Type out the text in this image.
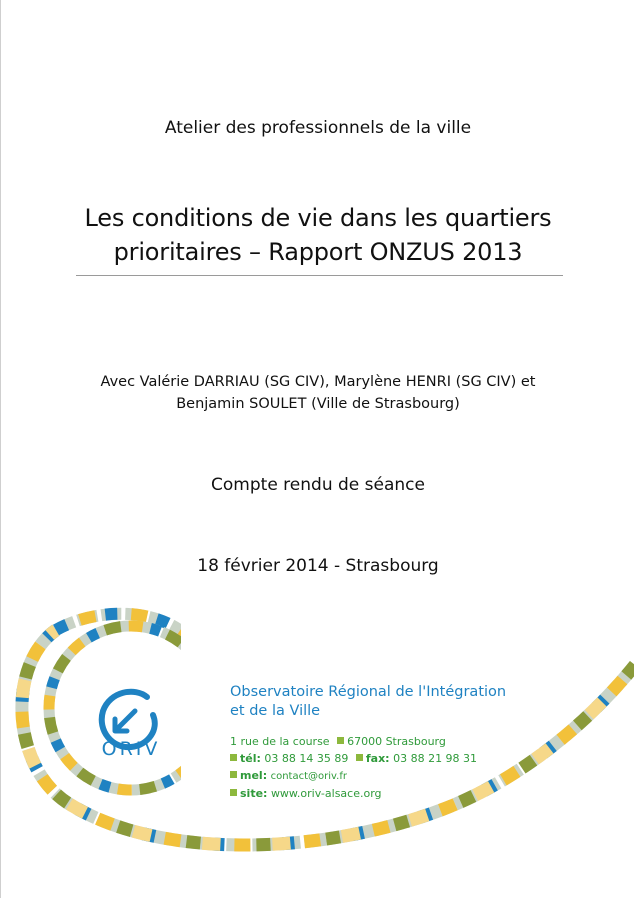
Atelier des professionnels de la ville
Les conditions de vie dans les quartiers
prioritaires – Rapport ONZUS 2013
Avec Valérie DARRIAU (SG CIV), Marylène HENRI (SG CIV) et
Benjamin SOULET (Ville de Strasbourg)
Compte rendu de séance
18 février 2014 - Strasbourg
ORIV
Observatoire Régional de l'Intégration
et de la Ville
1 rue de la course 67000 Strasbourg
tél: 03 88 14 35 89 fax: 03 88 21 98 31
mel: contact@oriv.fr
site: www.oriv-alsace.org
